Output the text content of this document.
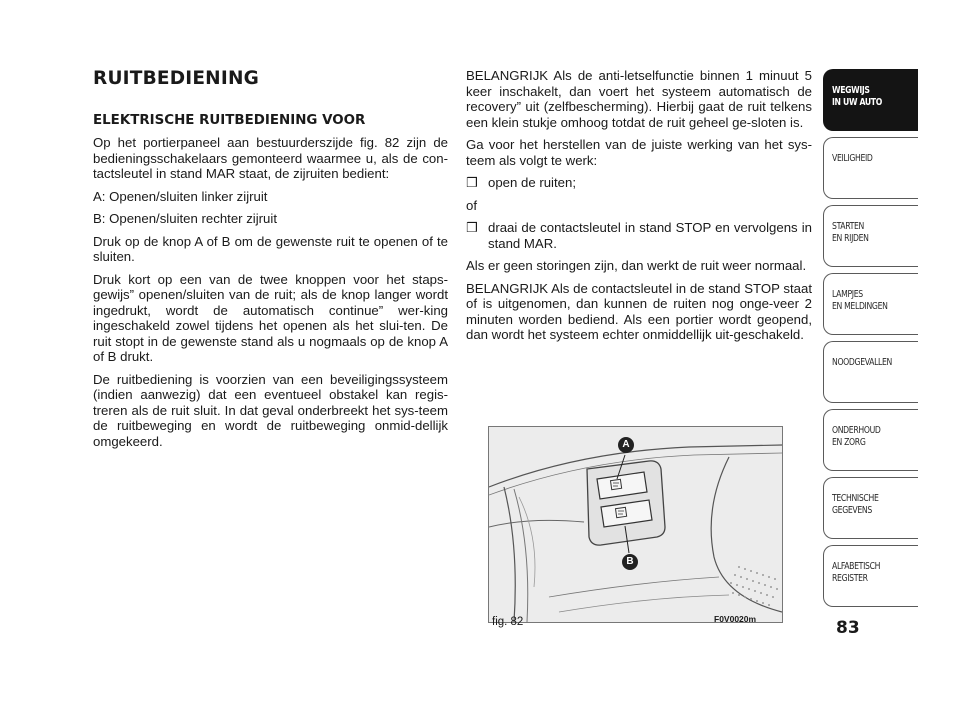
RUITBEDIENING
ELEKTRISCHE RUITBEDIENING VOOR

Op het portierpaneel aan bestuurderszijde fig. 82 zijn de bedieningsschakelaars gemonteerd waarmee u, als de con-tactsleutel in stand MAR staat, de zijruiten bedient:

A: Openen/sluiten linker zijruit

B: Openen/sluiten rechter zijruit

Druk op de knop A of B om de gewenste ruit te openen of te sluiten.

Druk kort op een van de twee knoppen voor het staps-gewijs” openen/sluiten van de ruit; als de knop langer wordt ingedrukt, wordt de automatisch continue” wer-king ingeschakeld zowel tijdens het openen als het slui-ten. De ruit stopt in de gewenste stand als u nogmaals op de knop A of B drukt.

De ruitbediening is voorzien van een beveiligingssysteem (indien aanwezig) dat een eventueel obstakel kan regis-treren als de ruit sluit. In dat geval onderbreekt het sys-teem de ruitbeweging en wordt de ruitbeweging onmid-dellijk omgekeerd.

BELANGRIJK Als de anti-letselfunctie binnen 1 minuut 5 keer inschakelt, dan voert het systeem automatisch de recovery” uit (zelfbescherming). Hierbij gaat de ruit telkens een klein stukje omhoog totdat de ruit geheel ge-sloten is.

Ga voor het herstellen van de juiste werking van het sys-teem als volgt te werk:

❒ open de ruiten;

of

❒ draai de contactsleutel in stand STOP en vervolgens in stand MAR.

Als er geen storingen zijn, dan werkt de ruit weer normaal.

BELANGRIJK Als de contactsleutel in de stand STOP staat of is uitgenomen, dan kunnen de ruiten nog onge-veer 2 minuten worden bediend. Als een portier wordt geopend, dan wordt het systeem echter onmiddellijk uit-geschakeld.

A
B
fig. 82	F0V0020m
WEGWIJS
IN UW AUTO
VEILIGHEID
STARTEN
EN RIJDEN
LAMPJES
EN MELDINGEN
NOODGEVALLEN
ONDERHOUD
EN ZORG
TECHNISCHE
GEGEVENS
ALFABETISCH
REGISTER
83
